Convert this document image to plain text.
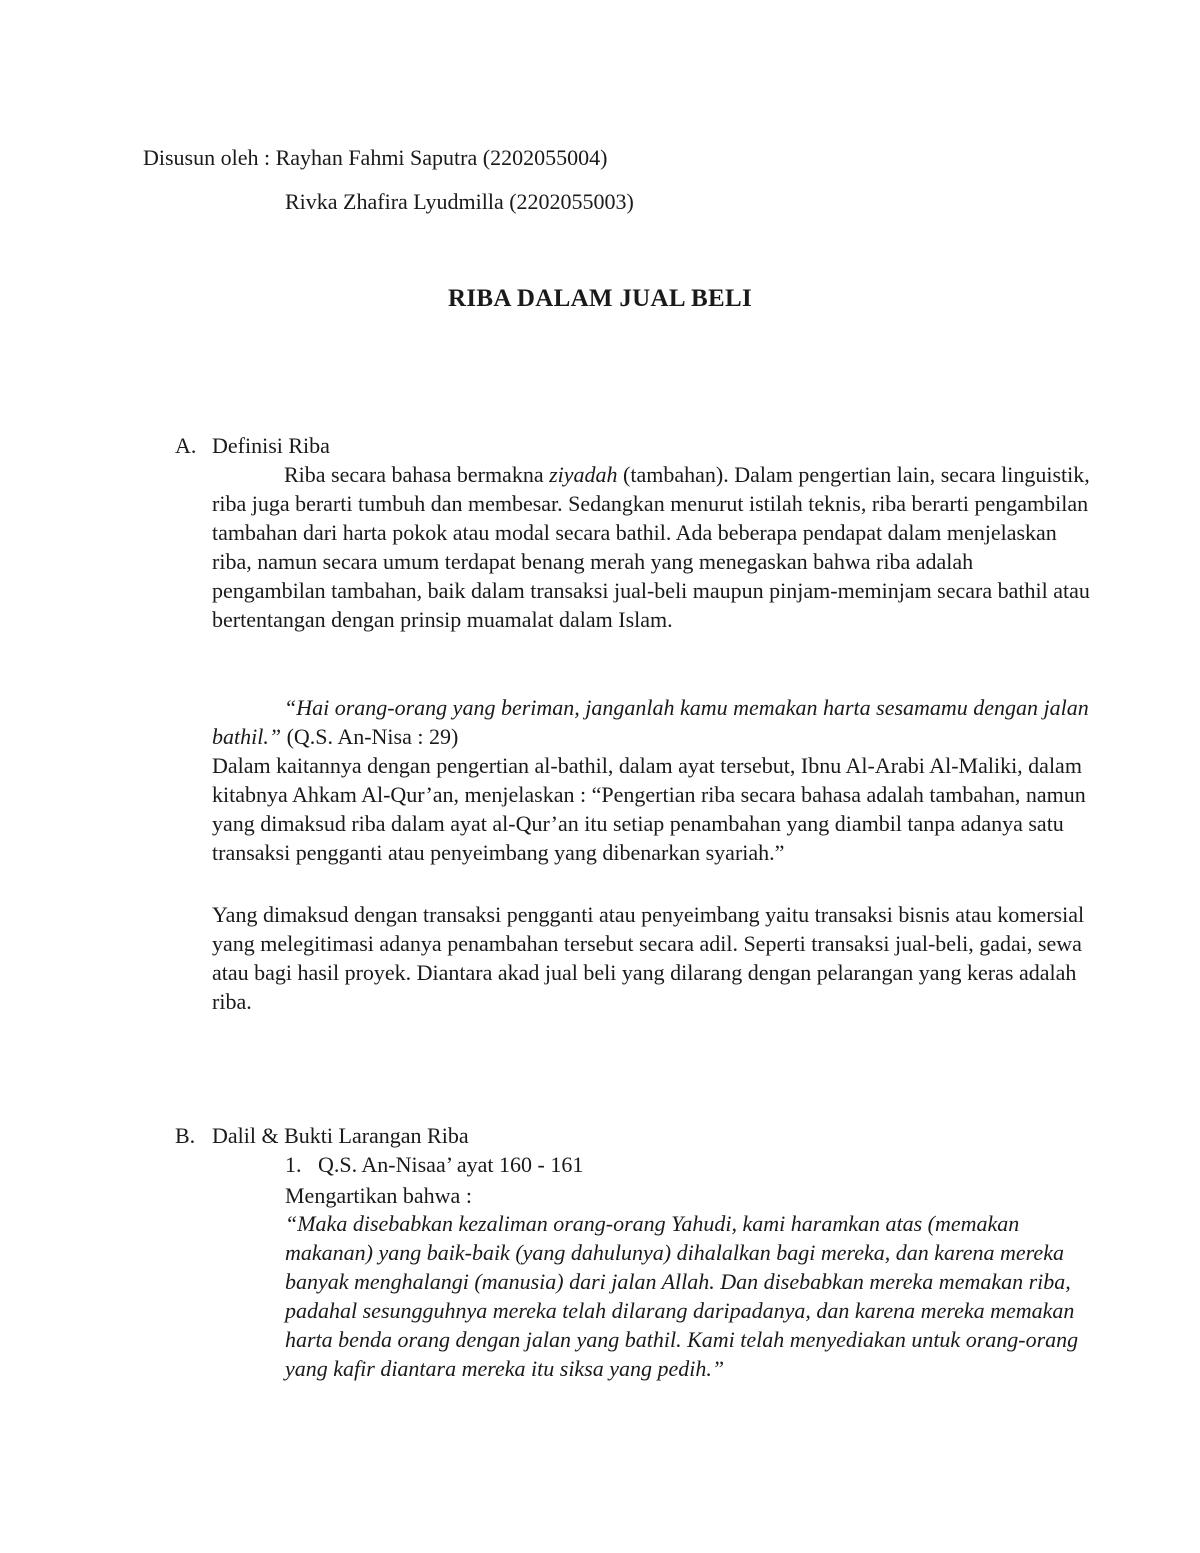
Disusun oleh : Rayhan Fahmi Saputra (2202055004)
Rivka Zhafira Lyudmilla (2202055003)
RIBA DALAM JUAL BELI
A. Definisi Riba

Riba secara bahasa bermakna ziyadah (tambahan). Dalam pengertian lain, secara linguistik, riba juga berarti tumbuh dan membesar. Sedangkan menurut istilah teknis, riba berarti pengambilan tambahan dari harta pokok atau modal secara bathil. Ada beberapa pendapat dalam menjelaskan riba, namun secara umum terdapat benang merah yang menegaskan bahwa riba adalah pengambilan tambahan, baik dalam transaksi jual-beli maupun pinjam-meminjam secara bathil atau bertentangan dengan prinsip muamalat dalam Islam.

“Hai orang-orang yang beriman, janganlah kamu memakan harta sesamamu dengan jalan bathil.” (Q.S. An-Nisa : 29)

Dalam kaitannya dengan pengertian al-bathil, dalam ayat tersebut, Ibnu Al-Arabi Al-Maliki, dalam kitabnya Ahkam Al-Qur’an, menjelaskan : “Pengertian riba secara bahasa adalah tambahan, namun yang dimaksud riba dalam ayat al-Qur’an itu setiap penambahan yang diambil tanpa adanya satu transaksi pengganti atau penyeimbang yang dibenarkan syariah.”

Yang dimaksud dengan transaksi pengganti atau penyeimbang yaitu transaksi bisnis atau komersial yang melegitimasi adanya penambahan tersebut secara adil. Seperti transaksi jual-beli, gadai, sewa atau bagi hasil proyek. Diantara akad jual beli yang dilarang dengan pelarangan yang keras adalah riba.

B. Dalil & Bukti Larangan Riba
1. Q.S. An-Nisaa’ ayat 160 - 161
Mengartikan bahwa :

“Maka disebabkan kezaliman orang-orang Yahudi, kami haramkan atas (memakan makanan) yang baik-baik (yang dahulunya) dihalalkan bagi mereka, dan karena mereka banyak menghalangi (manusia) dari jalan Allah. Dan disebabkan mereka memakan riba, padahal sesungguhnya mereka telah dilarang daripadanya, dan karena mereka memakan harta benda orang dengan jalan yang bathil. Kami telah menyediakan untuk orang-orang yang kafir diantara mereka itu siksa yang pedih.”
